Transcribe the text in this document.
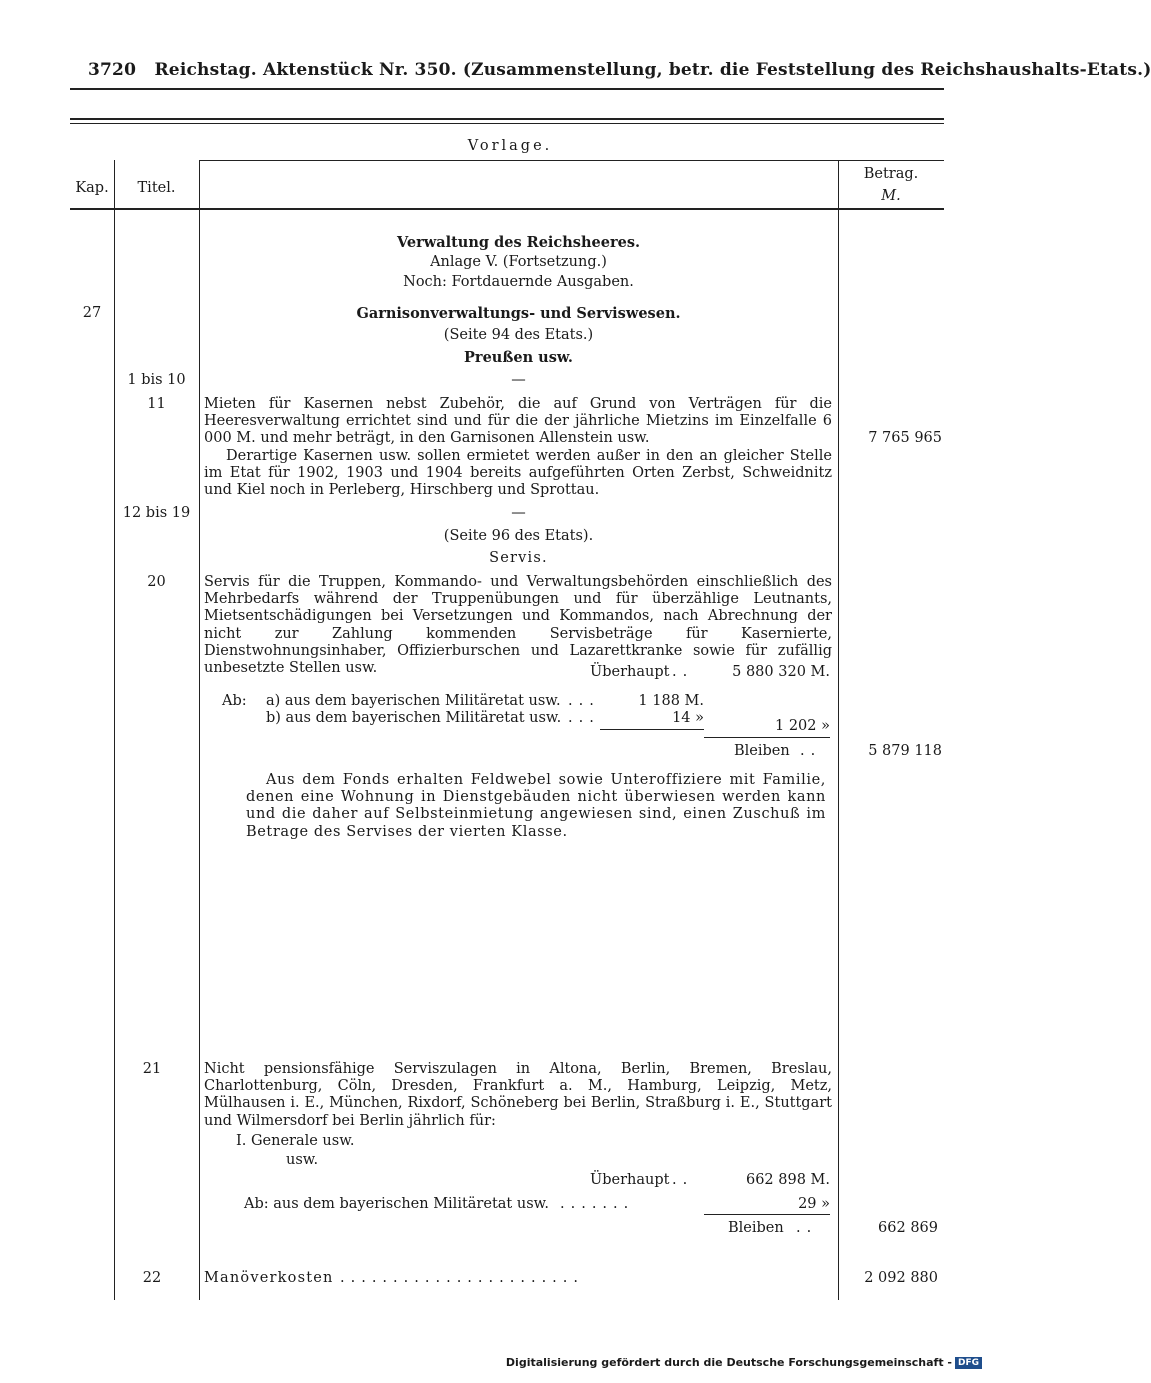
3720 Reichstag. Aktenstück Nr. 350. (Zusammenstellung, betr. die Feststellung des Reichshaushalts-Etats.)
Vorlage.
Kap.	Titel.
Betrag.
M.
Verwaltung des Reichsheeres.
Anlage V. (Fortsetzung.)
Noch: Fortdauernde Ausgaben.
27	Garnisonverwaltungs- und Serviswesen.
(Seite 94 des Etats.)
Preußen usw.
1 bis 10	—
11	Mieten für Kasernen nebst Zubehör, die auf Grund von Verträgen für die Heeresverwaltung errichtet sind und für die der jährliche Mietzins im Einzelfalle 6 000 M. und mehr beträgt, in den Garnisonen Allenstein usw.	7 765 965
Derartige Kasernen usw. sollen ermietet werden außer in den an gleicher Stelle im Etat für 1902, 1903 und 1904 bereits aufgeführten Orten Zerbst, Schweidnitz und Kiel noch in Perleberg, Hirschberg und Sprottau.
12 bis 19	—
(Seite 96 des Etats).
Servis.
20	Servis für die Truppen, Kommando- und Verwaltungsbehörden einschließlich des Mehrbedarfs während der Truppenübungen und für überzählige Leutnants, Mietsentschädigungen bei Versetzungen und Kommandos, nach Abrechnung der nicht zur Zahlung kommenden Servisbeträge für Kasernierte, Dienstwohnungsinhaber, Offizierburschen und Lazarettkranke sowie für zufällig unbesetzte Stellen usw.	Überhaupt ..	5 880 320 M.
Ab: a) aus dem bayerischen Militäretat usw. ...	1 188 M.
b) aus dem bayerischen Militäretat usw. ...	14 »	1 202 »
Bleiben ..	5 879 118
Aus dem Fonds erhalten Feldwebel sowie Unteroffiziere mit Familie, denen eine Wohnung in Dienstgebäuden nicht überwiesen werden kann und die daher auf Selbsteinmietung angewiesen sind, einen Zuschuß im Betrage des Servises der vierten Klasse.
21	Nicht pensionsfähige Serviszulagen in Altona, Berlin, Bremen, Breslau, Charlottenburg, Cöln, Dresden, Frankfurt a. M., Hamburg, Leipzig, Metz, Mülhausen i. E., München, Rixdorf, Schöneberg bei Berlin, Straßburg i. E., Stuttgart und Wilmersdorf bei Berlin jährlich für:
I. Generale usw.
usw.
Überhaupt ..	662 898 M.
Ab: aus dem bayerischen Militäretat usw. .......	29 »
Bleiben ..	662 869
22	Manöverkosten .......................	2 092 880
Digitalisierung gefördert durch die Deutsche Forschungsgemeinschaft - DFG
